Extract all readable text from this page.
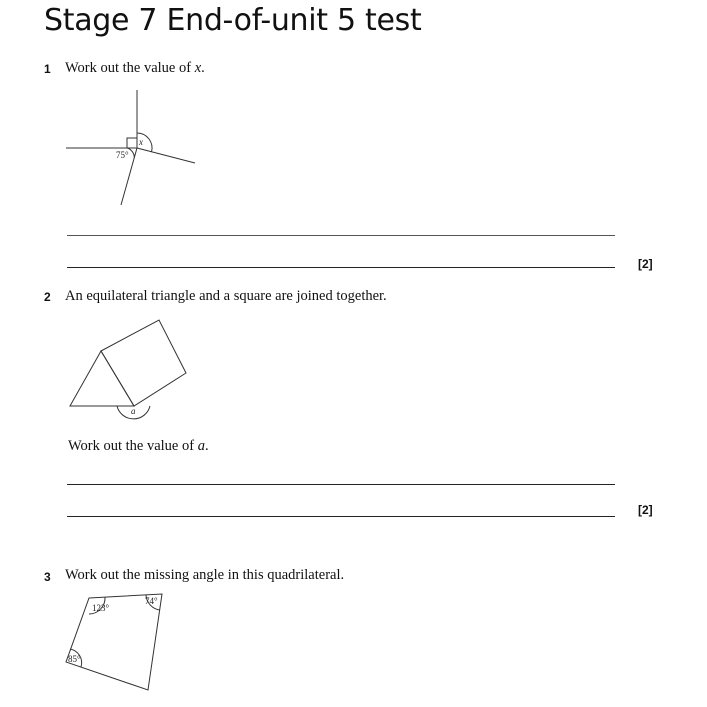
Stage 7 End-of-unit 5 test
1 Work out the value of x.
75°
x
[2]
2 An equilateral triangle and a square are joined together.
a
Work out the value of a.
[2]
3 Work out the missing angle in this quadrilateral.
123°
74°
85°
